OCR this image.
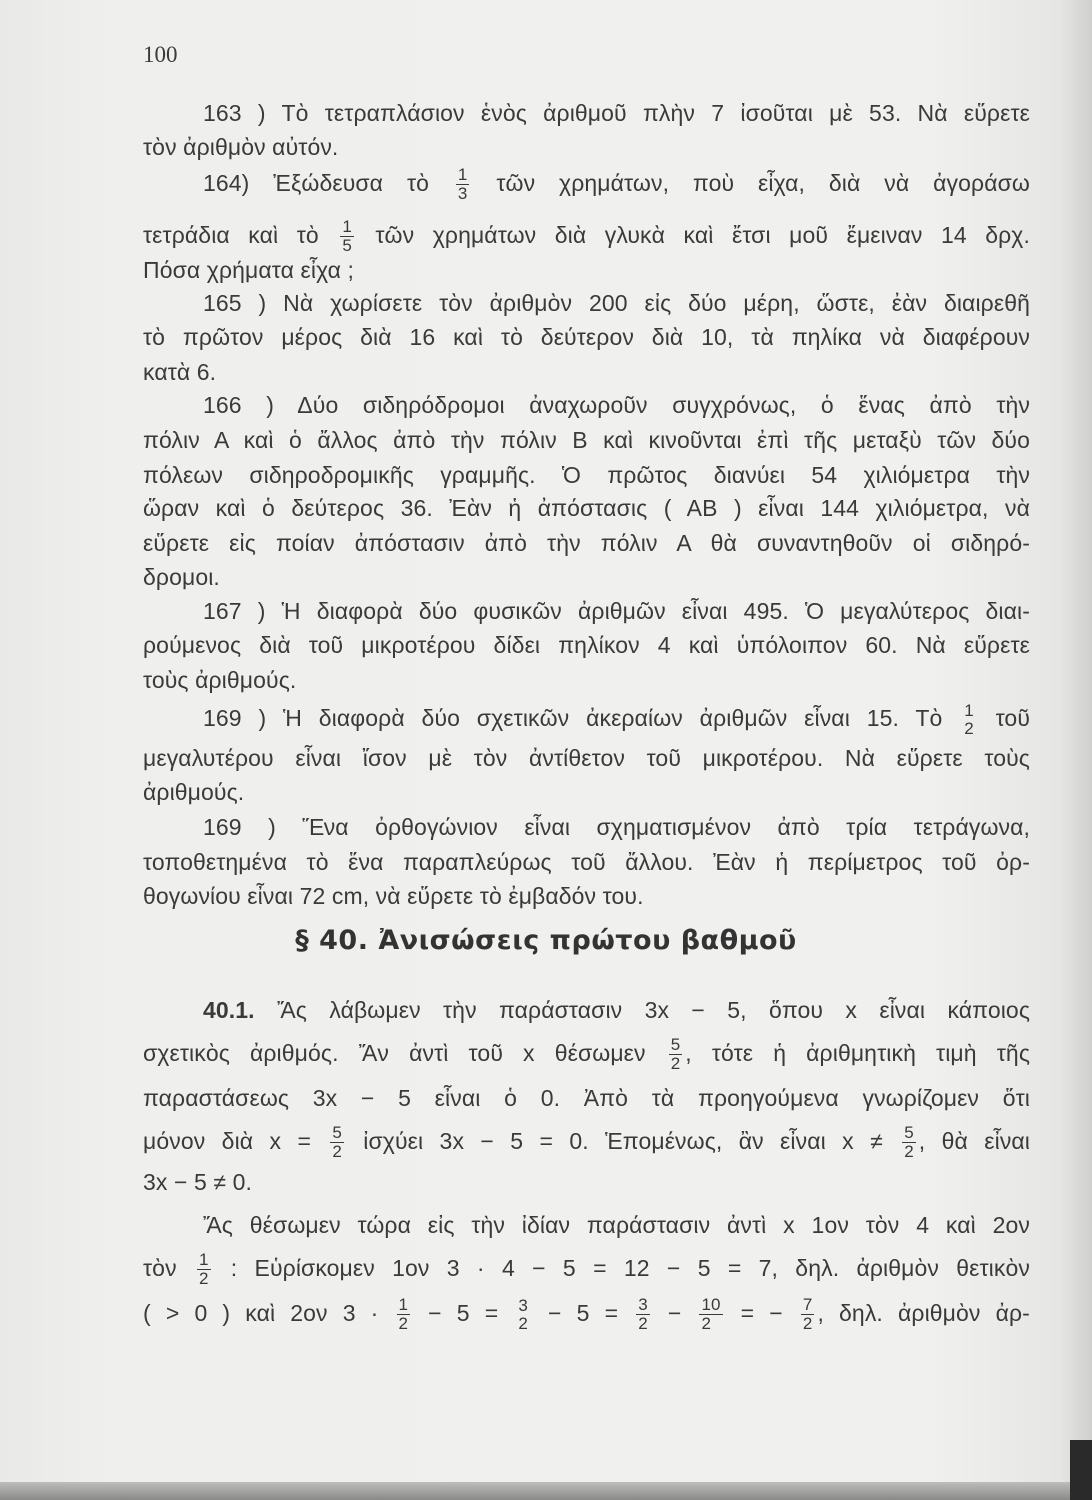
100
163 ) Τὸ τετραπλάσιον ἑνὸς ἀριθμοῦ πλὴν 7 ἰσοῦται μὲ 53. Νὰ εὕρετε
τὸν ἀριθμὸν αὐτόν.
164) Ἐξώδευσα τὸ $\frac{1}{3}$ τῶν χρημάτων, ποὺ εἶχα, διὰ νὰ ἀγοράσω
τετράδια καὶ τὸ $\frac{1}{5}$ τῶν χρημάτων διὰ γλυκὰ καὶ ἔτσι μοῦ ἔμειναν 14 δρχ.
Πόσα χρήματα εἶχα ;
165 ) Νὰ χωρίσετε τὸν ἀριθμὸν 200 εἰς δύο μέρη, ὥστε, ἐὰν διαιρεθῆ
τὸ πρῶτον μέρος διὰ 16 καὶ τὸ δεύτερον διὰ 10, τὰ πηλίκα νὰ διαφέρουν
κατὰ 6.
166 ) Δύο σιδηρόδρομοι ἀναχωροῦν συγχρόνως, ὁ ἕνας ἀπὸ τὴν
πόλιν Α καὶ ὁ ἄλλος ἀπὸ τὴν πόλιν Β καὶ κινοῦνται ἐπὶ τῆς μεταξὺ τῶν δύο
πόλεων σιδηροδρομικῆς γραμμῆς. Ὁ πρῶτος διανύει 54 χιλιόμετρα τὴν
ὥραν καὶ ὁ δεύτερος 36. Ἐὰν ἡ ἀπόστασις ( ΑΒ ) εἶναι 144 χιλιόμετρα, νὰ
εὕρετε εἰς ποίαν ἀπόστασιν ἀπὸ τὴν πόλιν Α θὰ συναντηθοῦν οἱ σιδηρό-
δρομοι.
167 ) Ἡ διαφορὰ δύο φυσικῶν ἀριθμῶν εἶναι 495. Ὁ μεγαλύτερος διαι-
ρούμενος διὰ τοῦ μικροτέρου δίδει πηλίκον 4 καὶ ὑπόλοιπον 60. Νὰ εὕρετε
τοὺς ἀριθμούς.
169 ) Ἡ διαφορὰ δύο σχετικῶν ἀκεραίων ἀριθμῶν εἶναι 15. Τὸ 1
2 τοῦ
μεγαλυτέρου εἶναι ἴσον μὲ τὸν ἀντίθετον τοῦ μικροτέρου. Νὰ εὕρετε τοὺς
ἀριθμούς.
169 ) Ἕνα ὀρθογώνιον εἶναι σχηματισμένον ἀπὸ τρία τετράγωνα,
τοποθετημένα τὸ ἕνα παραπλεύρως τοῦ ἄλλου. Ἐὰν ἡ περίμετρος τοῦ ὀρ-
θογωνίου εἶναι 72 cm, νὰ εὕρετε τὸ ἐμβαδόν του.
40.1. Ἄς λάβωμεν τὴν παράστασιν 3x − 5, ὅπου x εἶναι κάποιος
σχετικὸς ἀριθμός. Ἄν ἀντὶ τοῦ x θέσωμεν $\frac{5}{2}$ , τότε ἡ ἀριθμητικὴ τιμὴ τῆς
παραστάσεως 3x − 5 εἶναι ὁ 0. Ἀπὸ τὰ προηγούμενα γνωρίζομεν ὅτι
μόνον διὰ $x = \frac{5}{2}$ ἰσχύει 3x − 5 = 0. Ἑπομένως, ἂν εἶναι $x \ne \frac{5}{2}$ , θὰ εἶναι
3x − 5 ≠ 0.
Ἄς θέσωμεν τώρα εἰς τὴν ἰδίαν παράστασιν ἀντὶ x 1ον τὸν 4 καὶ 2ον
τὸν $\frac{1}{2}$ : Εὑρίσκομεν 1ον 3 · 4 − 5 = 12 − 5 = 7, δηλ. ἀριθμὸν θετικὸν
( > 0 ) καὶ 2ον $3 \cdot \frac{1}{2} - 5 = 3$
$2 - 5 = \frac{3}{2} - \frac{10}{2}$ = − $\frac{7}{2}$ , δηλ. ἀριθμὸν ἀρ-
§ 40. Ἀνισώσεις πρώτου βαθμοῦ
